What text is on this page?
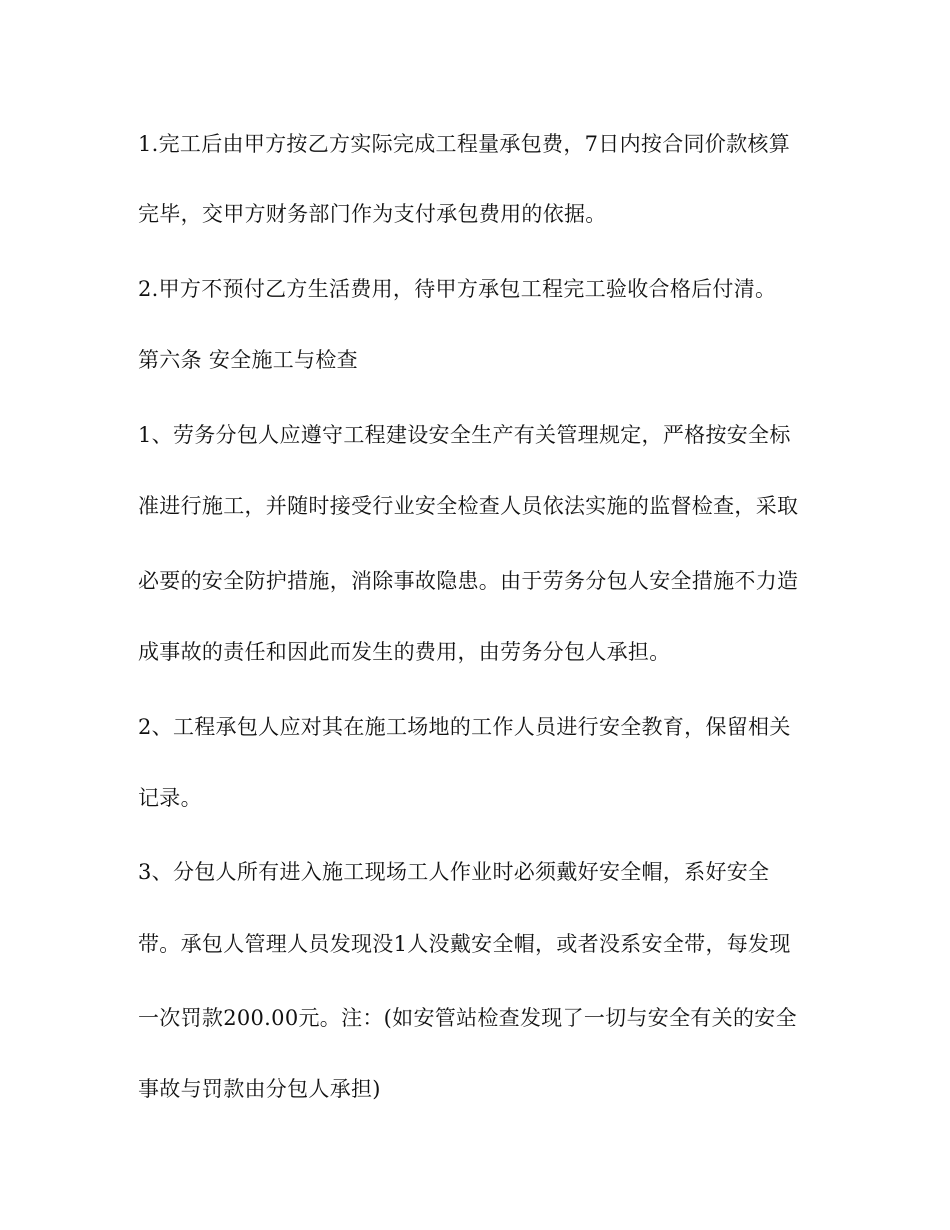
1.完工后由甲方按乙方实际完成工程量承包费，7日内按合同价款核算
完毕，交甲方财务部门作为支付承包费用的依据。
2.甲方不预付乙方生活费用，待甲方承包工程完工验收合格后付清。
第六条 安全施工与检查
1、劳务分包人应遵守工程建设安全生产有关管理规定，严格按安全标
准进行施工，并随时接受行业安全检查人员依法实施的监督检查，采取
必要的安全防护措施，消除事故隐患。由于劳务分包人安全措施不力造
成事故的责任和因此而发生的费用，由劳务分包人承担。
2、工程承包人应对其在施工场地的工作人员进行安全教育，保留相关
记录。
3、分包人所有进入施工现场工人作业时必须戴好安全帽，系好安全
带。承包人管理人员发现没1人没戴安全帽，或者没系安全带，每发现
一次罚款200.00元。注：(如安管站检查发现了一切与安全有关的安全
事故与罚款由分包人承担)
